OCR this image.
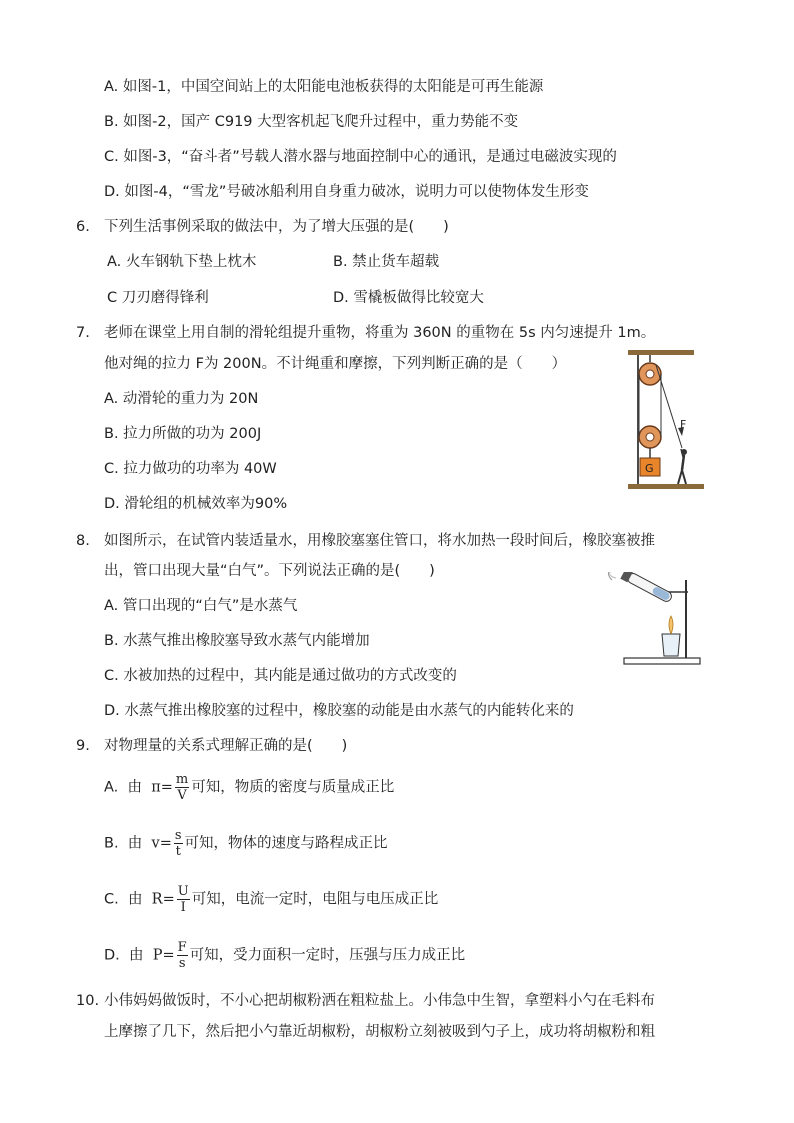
A. 如图-1，中国空间站上的太阳能电池板获得的太阳能是可再生能源
B. 如图-2，国产 C919 大型客机起飞爬升过程中，重力势能不变
C. 如图-3，“奋斗者”号载人潜水器与地面控制中心的通讯，是通过电磁波实现的
D. 如图-4，“雪龙”号破冰船利用自身重力破冰，说明力可以使物体发生形变
6. 下列生活事例采取的做法中，为了增大压强的是(　　)
A. 火车钢轨下垫上枕木	B. 禁止货车超载
C 刀刃磨得锋利	D. 雪橇板做得比较宽大
7. 老师在课堂上用自制的滑轮组提升重物，将重为 360N 的重物在 5s 内匀速提升 1m。
他对绳的拉力 F为 200N。不计绳重和摩擦，下列判断正确的是（　　）
A. 动滑轮的重力为 20N
B. 拉力所做的功为 200J
C. 拉力做功的功率为 40W
D. 滑轮组的机械效率为90%
F
G
8. 如图所示，在试管内装适量水，用橡胶塞塞住管口，将水加热一段时间后，橡胶塞被推
出，管口出现大量“白气”。下列说法正确的是(　　)
A. 管口出现的“白气”是水蒸气
B. 水蒸气推出橡胶塞导致水蒸气内能增加
C. 水被加热的过程中，其内能是通过做功的方式改变的
D. 水蒸气推出橡胶塞的过程中，橡胶塞的动能是由水蒸气的内能转化来的
9. 对物理量的关系式理解正确的是(　　)
A. 由 $\pi= \frac{m}{V}$ 可知，物质的密度与质量成正比
B. 由 $v= \frac{s}{t}$ 可知，物体的速度与路程成正比
C. 由 $R= \frac{U}{I}$ 可知，电流一定时，电阻与电压成正比
D. 由 $P= \frac{F}{s}$ 可知，受力面积一定时，压强与压力成正比
10. 小伟妈妈做饭时，不小心把胡椒粉洒在粗粒盐上。小伟急中生智，拿塑料小勺在毛料布
上摩擦了几下，然后把小勺靠近胡椒粉，胡椒粉立刻被吸到勺子上，成功将胡椒粉和粗
